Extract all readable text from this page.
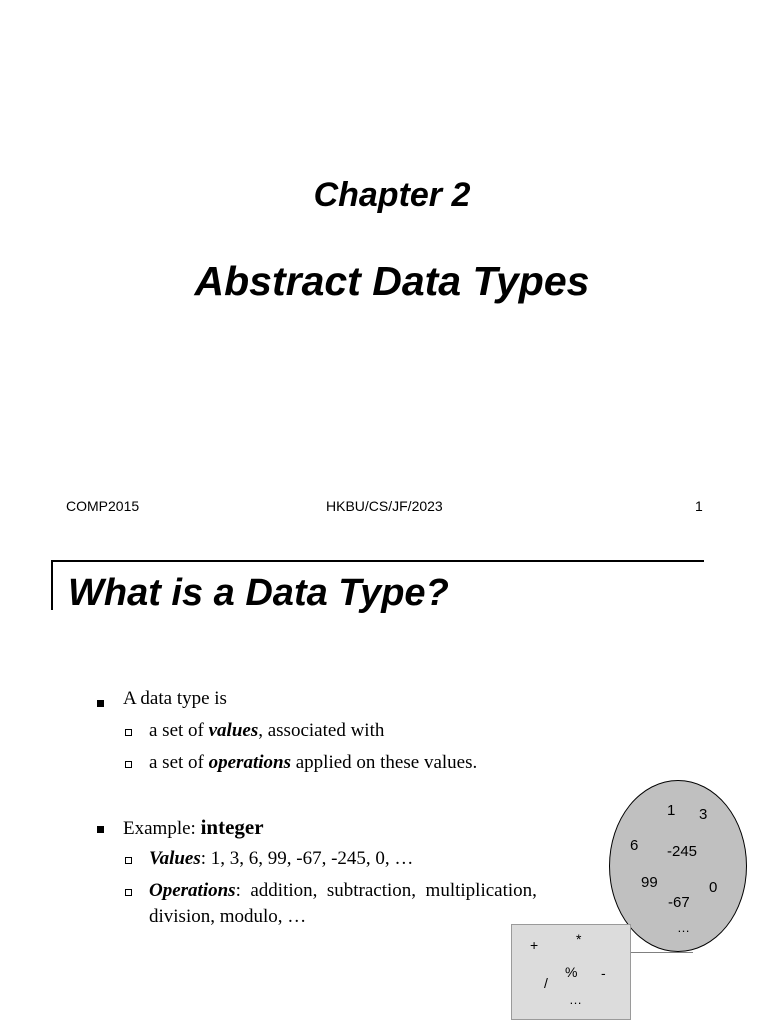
Chapter 2
Abstract Data Types
COMP2015	HKBU/CS/JF/2023	1
What is a Data Type?
A data type is
a set of values, associated with
a set of operations applied on these values.
Example: integer
Values: 1, 3, 6, 99, -67, -245, 0, …
Operations:  addition,  subtraction,  multiplication,
division, modulo, …
1 3
6 -245
99	0
-67
…
+	*
/
% -
…
